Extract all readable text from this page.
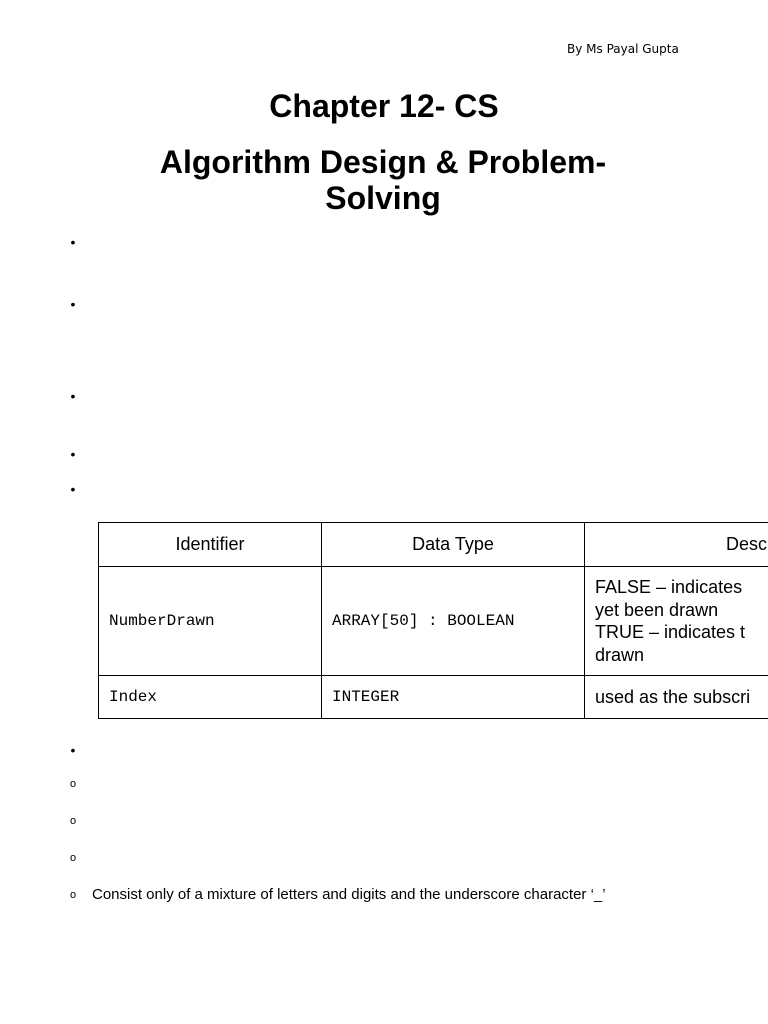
By Ms Payal Gupta
Chapter 12- CS
Algorithm Design & Problem-Solving
•
•
•
•
•
Identifier	Data Type	Desc
NumberDrawn	ARRAY[50] : BOOLEAN	FALSE – indicates
yet been drawn
TRUE – indicates t
drawn

Index	INTEGER	used as the subscri
•
o
o
o
o Consist only of a mixture of letters and digits and the underscore character ‘_’
